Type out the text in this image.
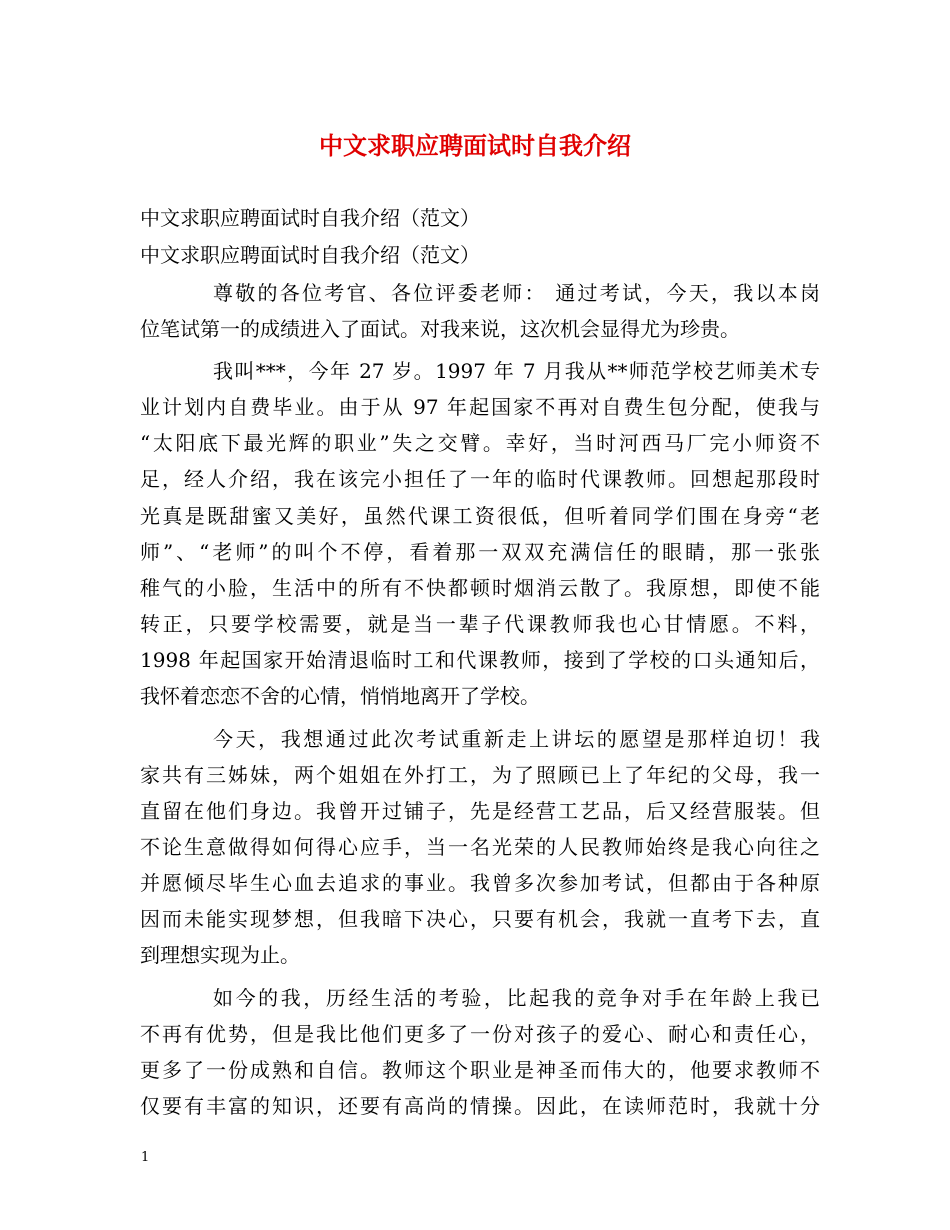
中文求职应聘面试时自我介绍
中文求职应聘面试时自我介绍（范文）
中文求职应聘面试时自我介绍（范文）
尊敬的各位考官、各位评委老师： 通过考试，今天，我以本岗
位笔试第一的成绩进入了面试。对我来说，这次机会显得尤为珍贵。
我叫***，今年 27 岁。1997 年 7 月我从**师范学校艺师美术专
业计划内自费毕业。由于从 97 年起国家不再对自费生包分配，使我与
“太阳底下最光辉的职业”失之交臂。幸好，当时河西马厂完小师资不
足，经人介绍，我在该完小担任了一年的临时代课教师。回想起那段时
光真是既甜蜜又美好，虽然代课工资很低，但听着同学们围在身旁“老
师”、“老师”的叫个不停，看着那一双双充满信任的眼睛，那一张张
稚气的小脸，生活中的所有不快都顿时烟消云散了。我原想，即使不能
转正，只要学校需要，就是当一辈子代课教师我也心甘情愿。不料，
1998 年起国家开始清退临时工和代课教师，接到了学校的口头通知后，
我怀着恋恋不舍的心情，悄悄地离开了学校。
今天，我想通过此次考试重新走上讲坛的愿望是那样迫切！我
家共有三姊妹，两个姐姐在外打工，为了照顾已上了年纪的父母，我一
直留在他们身边。我曾开过铺子，先是经营工艺品，后又经营服装。但
不论生意做得如何得心应手，当一名光荣的人民教师始终是我心向往之
并愿倾尽毕生心血去追求的事业。我曾多次参加考试，但都由于各种原
因而未能实现梦想，但我暗下决心，只要有机会，我就一直考下去，直
到理想实现为止。
如今的我，历经生活的考验，比起我的竞争对手在年龄上我已
不再有优势，但是我比他们更多了一份对孩子的爱心、耐心和责任心，
更多了一份成熟和自信。教师这个职业是神圣而伟大的，他要求教师不
仅要有丰富的知识，还要有高尚的情操。因此，在读师范时，我就十分
1
